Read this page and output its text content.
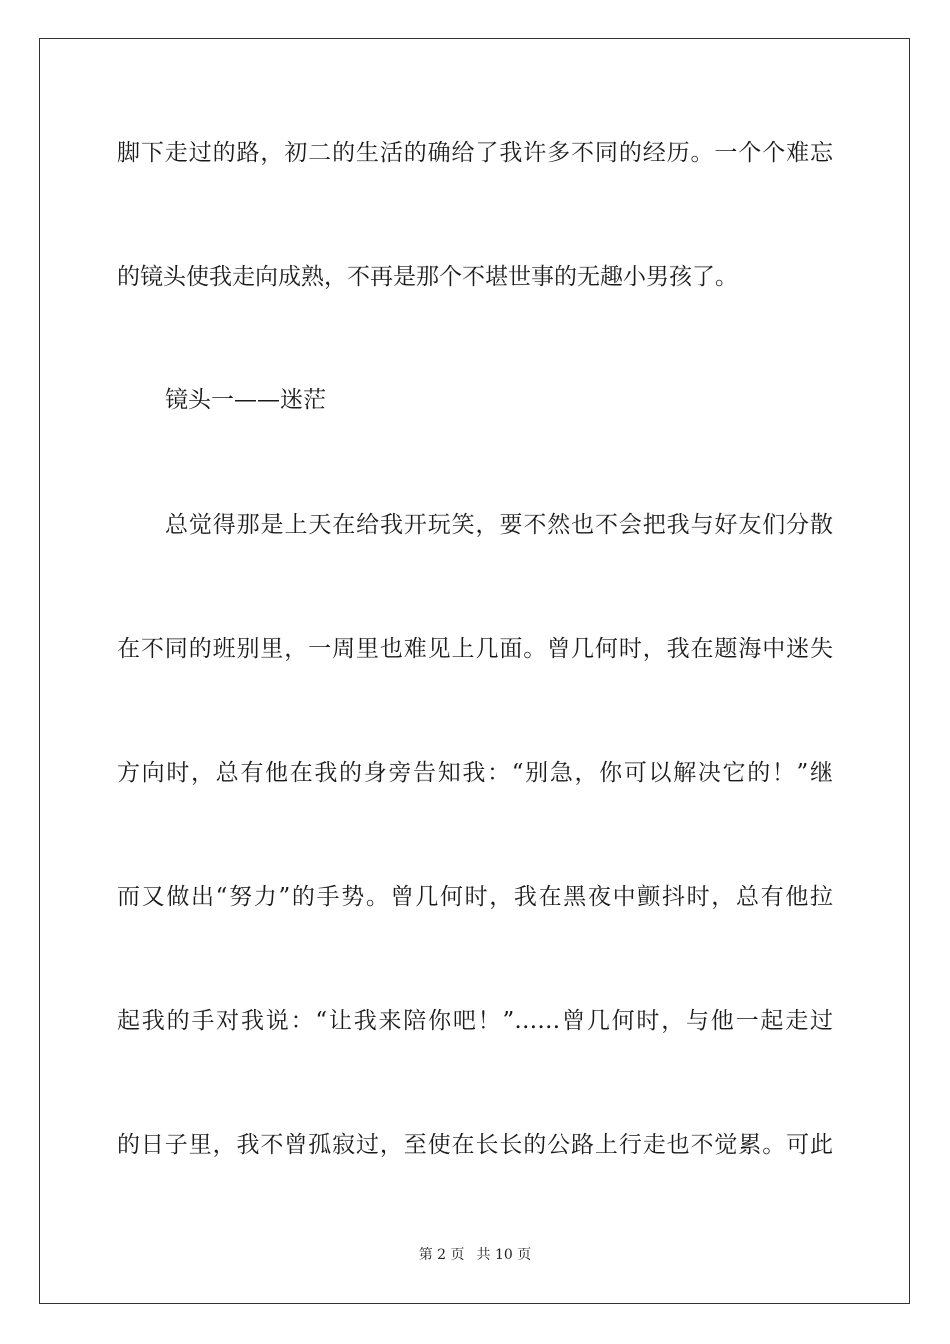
脚下走过的路，初二的生活的确给了我许多不同的经历。一个个难忘
的镜头使我走向成熟，不再是那个不堪世事的无趣小男孩了。
镜头一——迷茫
总觉得那是上天在给我开玩笑，要不然也不会把我与好友们分散
在不同的班别里，一周里也难见上几面。曾几何时，我在题海中迷失
方向时，总有他在我的身旁告知我：“别急，你可以解决它的！”继
而又做出“努力”的手势。曾几何时，我在黑夜中颤抖时，总有他拉
起我的手对我说：“让我来陪你吧！”……曾几何时，与他一起走过
的日子里，我不曾孤寂过，至使在长长的公路上行走也不觉累。可此
第 2 页 共 10 页
